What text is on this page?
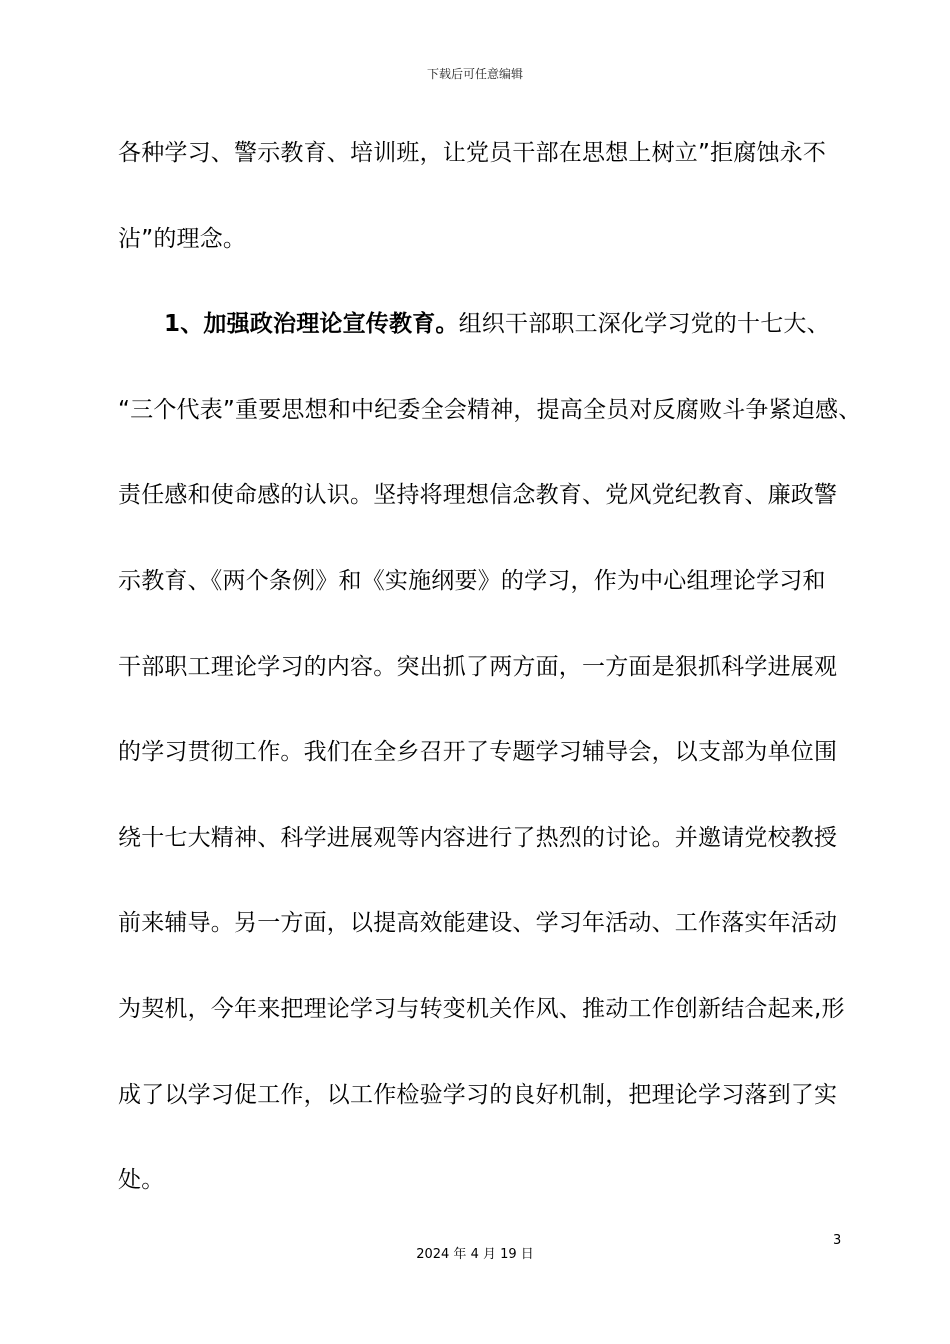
下载后可任意编辑
各种学习、警示教育、培训班，让党员干部在思想上树立”拒腐蚀永不
沾”的理念。
1、加强政治理论宣传教育。组织干部职工深化学习党的十七大、
“三个代表”重要思想和中纪委全会精神，提高全员对反腐败斗争紧迫感、
责任感和使命感的认识。坚持将理想信念教育、党风党纪教育、廉政警
示教育、《两个条例》和《实施纲要》的学习，作为中心组理论学习和
干部职工理论学习的内容。突出抓了两方面，一方面是狠抓科学进展观
的学习贯彻工作。我们在全乡召开了专题学习辅导会，以支部为单位围
绕十七大精神、科学进展观等内容进行了热烈的讨论。并邀请党校教授
前来辅导。另一方面，以提高效能建设、学习年活动、工作落实年活动
为契机，今年来把理论学习与转变机关作风、推动工作创新结合起来,形
成了以学习促工作，以工作检验学习的良好机制，把理论学习落到了实
处。
3
2024 年 4 月 19 日
